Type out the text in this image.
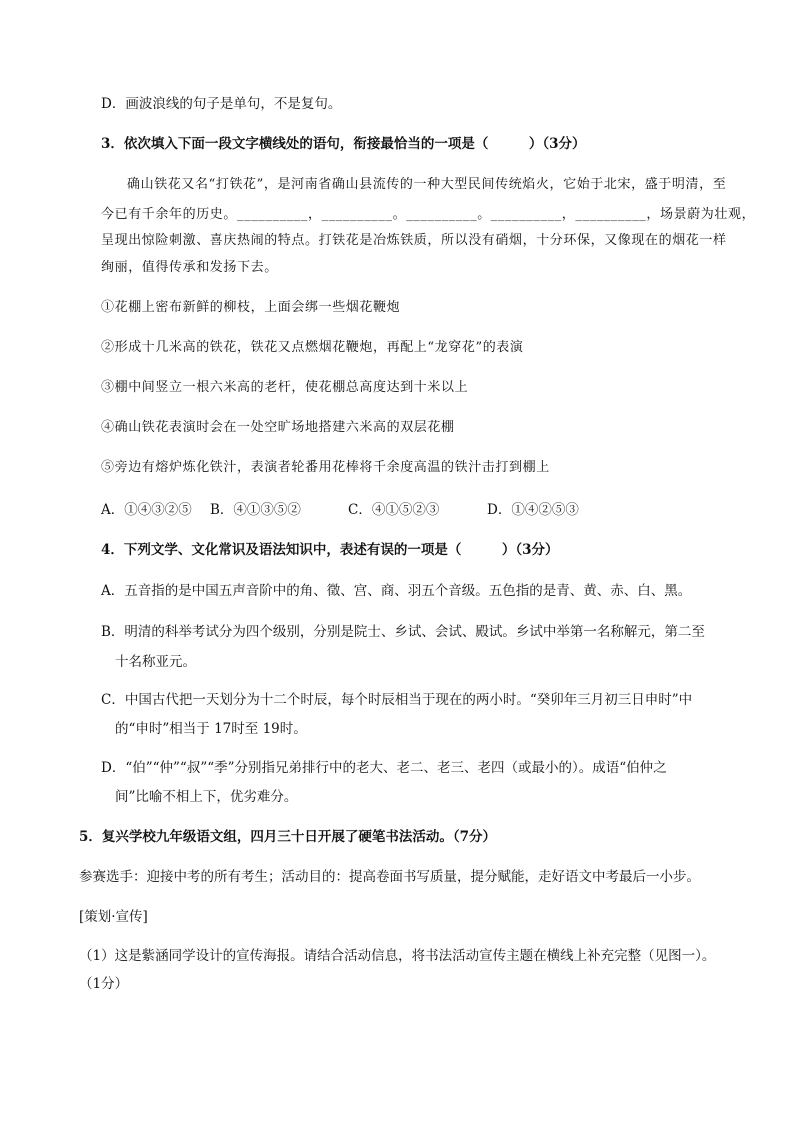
D．画波浪线的句子是单句，不是复句。
3．依次填入下面一段文字横线处的语句，衔接最恰当的一项是（　　　）（3分）
确山铁花又名“打铁花”，是河南省确山县流传的一种大型民间传统焰火，它始于北宋，盛于明清，至
今已有千余年的历史。__________，__________。__________。__________，__________，场景蔚为壮观，
呈现出惊险刺激、喜庆热闹的特点。打铁花是冶炼铁质，所以没有硝烟，十分环保，又像现在的烟花一样
绚丽，值得传承和发扬下去。
①花棚上密布新鲜的柳枝，上面会绑一些烟花鞭炮
②形成十几米高的铁花，铁花又点燃烟花鞭炮，再配上“龙穿花”的表演
③棚中间竖立一根六米高的老杆，使花棚总高度达到十米以上
④确山铁花表演时会在一处空旷场地搭建六米高的双层花棚
⑤旁边有熔炉炼化铁汁，表演者轮番用花棒将千余度高温的铁汁击打到棚上
A．①④③②⑤ B．④①③⑤②	C．④①⑤②③	D．①④②⑤③
4．下列文学、文化常识及语法知识中，表述有误的一项是（　　　）（3分）
A．五音指的是中国五声音阶中的角、徵、宫、商、羽五个音级。五色指的是青、黄、赤、白、黑。
B．明清的科举考试分为四个级别，分别是院士、乡试、会试、殿试。乡试中举第一名称解元，第二至
十名称亚元。
C．中国古代把一天划分为十二个时辰，每个时辰相当于现在的两小时。“癸卯年三月初三日申时”中
的“申时”相当于 17时至 19时。
D．“伯”“仲”“叔”“季”分别指兄弟排行中的老大、老二、老三、老四（或最小的）。成语“伯仲之
间”比喻不相上下，优劣难分。
5．复兴学校九年级语文组，四月三十日开展了硬笔书法活动。（7分）
参赛选手：迎接中考的所有考生；活动目的：提高卷面书写质量，提分赋能，走好语文中考最后一小步。
[策划·宣传]
（1）这是紫涵同学设计的宣传海报。请结合活动信息，将书法活动宣传主题在横线上补充完整（见图一）。
（1分）
